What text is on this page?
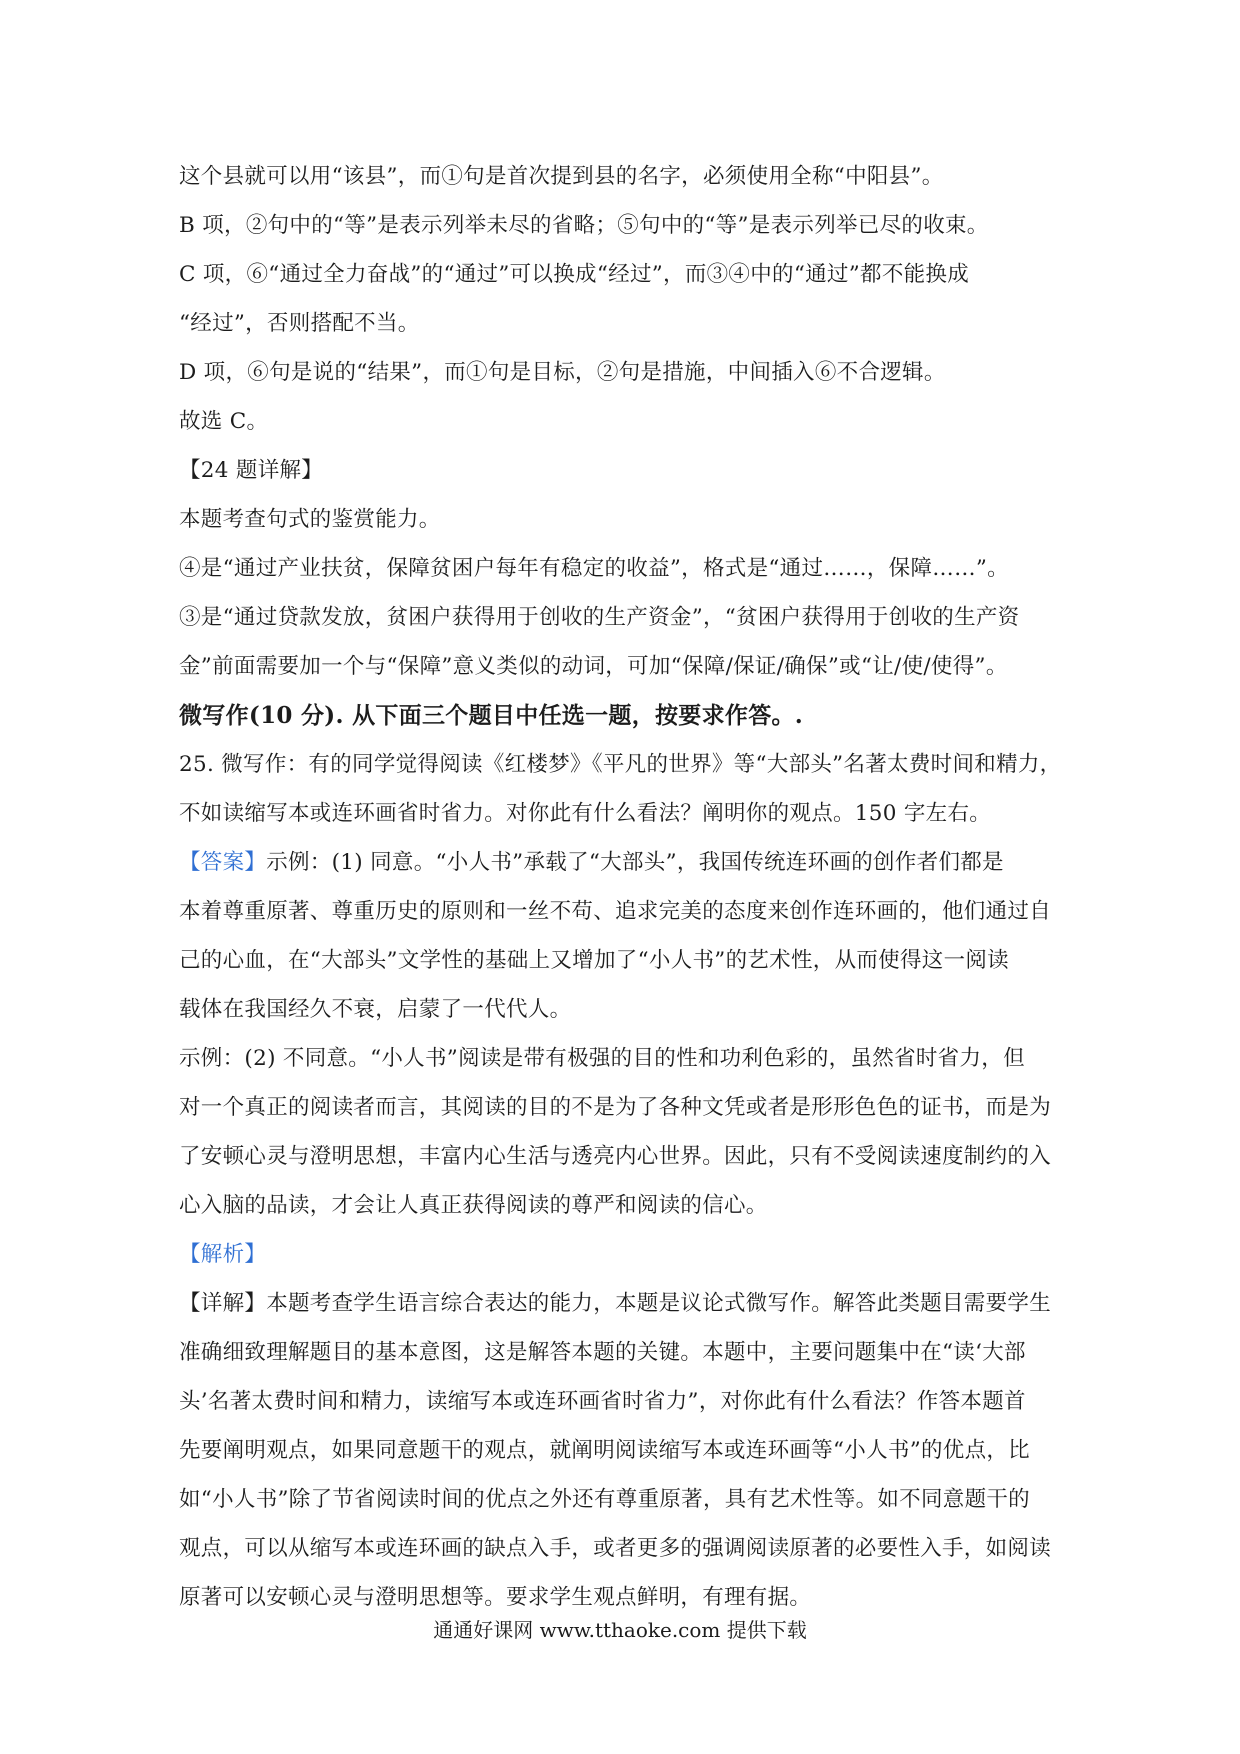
这个县就可以用“该县”，而①句是首次提到县的名字，必须使用全称“中阳县”。
B 项，②句中的“等”是表示列举未尽的省略；⑤句中的“等”是表示列举已尽的收束。
C 项，⑥“通过全力奋战”的“通过”可以换成“经过”，而③④中的“通过”都不能换成
“经过”，否则搭配不当。
D 项，⑥句是说的“结果”，而①句是目标，②句是措施，中间插入⑥不合逻辑。
故选 C。
【24 题详解】
本题考查句式的鉴赏能力。
④是“通过产业扶贫，保障贫困户每年有稳定的收益”，格式是“通过……，保障……”。
③是“通过贷款发放，贫困户获得用于创收的生产资金”，“贫困户获得用于创收的生产资
金”前面需要加一个与“保障”意义类似的动词，可加“保障/保证/确保”或“让/使/使得”。
微写作(10 分). 从下面三个题目中任选一题，按要求作答。.
25. 微写作：有的同学觉得阅读《红楼梦》《平凡的世界》等“大部头”名著太费时间和精力，
不如读缩写本或连环画省时省力。对你此有什么看法？阐明你的观点。150 字左右。
【答案】示例：(1) 同意。“小人书”承载了“大部头”，我国传统连环画的创作者们都是
本着尊重原著、尊重历史的原则和一丝不苟、追求完美的态度来创作连环画的，他们通过自
己的心血，在“大部头”文学性的基础上又增加了“小人书”的艺术性，从而使得这一阅读
载体在我国经久不衰，启蒙了一代代人。
示例：(2) 不同意。“小人书”阅读是带有极强的目的性和功利色彩的，虽然省时省力，但
对一个真正的阅读者而言，其阅读的目的不是为了各种文凭或者是形形色色的证书，而是为
了安顿心灵与澄明思想，丰富内心生活与透亮内心世界。因此，只有不受阅读速度制约的入
心入脑的品读，才会让人真正获得阅读的尊严和阅读的信心。
【解析】
【详解】本题考查学生语言综合表达的能力，本题是议论式微写作。解答此类题目需要学生
准确细致理解题目的基本意图，这是解答本题的关键。本题中，主要问题集中在“读‘大部
头’名著太费时间和精力，读缩写本或连环画省时省力”，对你此有什么看法？作答本题首
先要阐明观点，如果同意题干的观点，就阐明阅读缩写本或连环画等“小人书”的优点，比
如“小人书”除了节省阅读时间的优点之外还有尊重原著，具有艺术性等。如不同意题干的
观点，可以从缩写本或连环画的缺点入手，或者更多的强调阅读原著的必要性入手，如阅读
原著可以安顿心灵与澄明思想等。要求学生观点鲜明，有理有据。
通通好课网 www.tthaoke.com 提供下载
